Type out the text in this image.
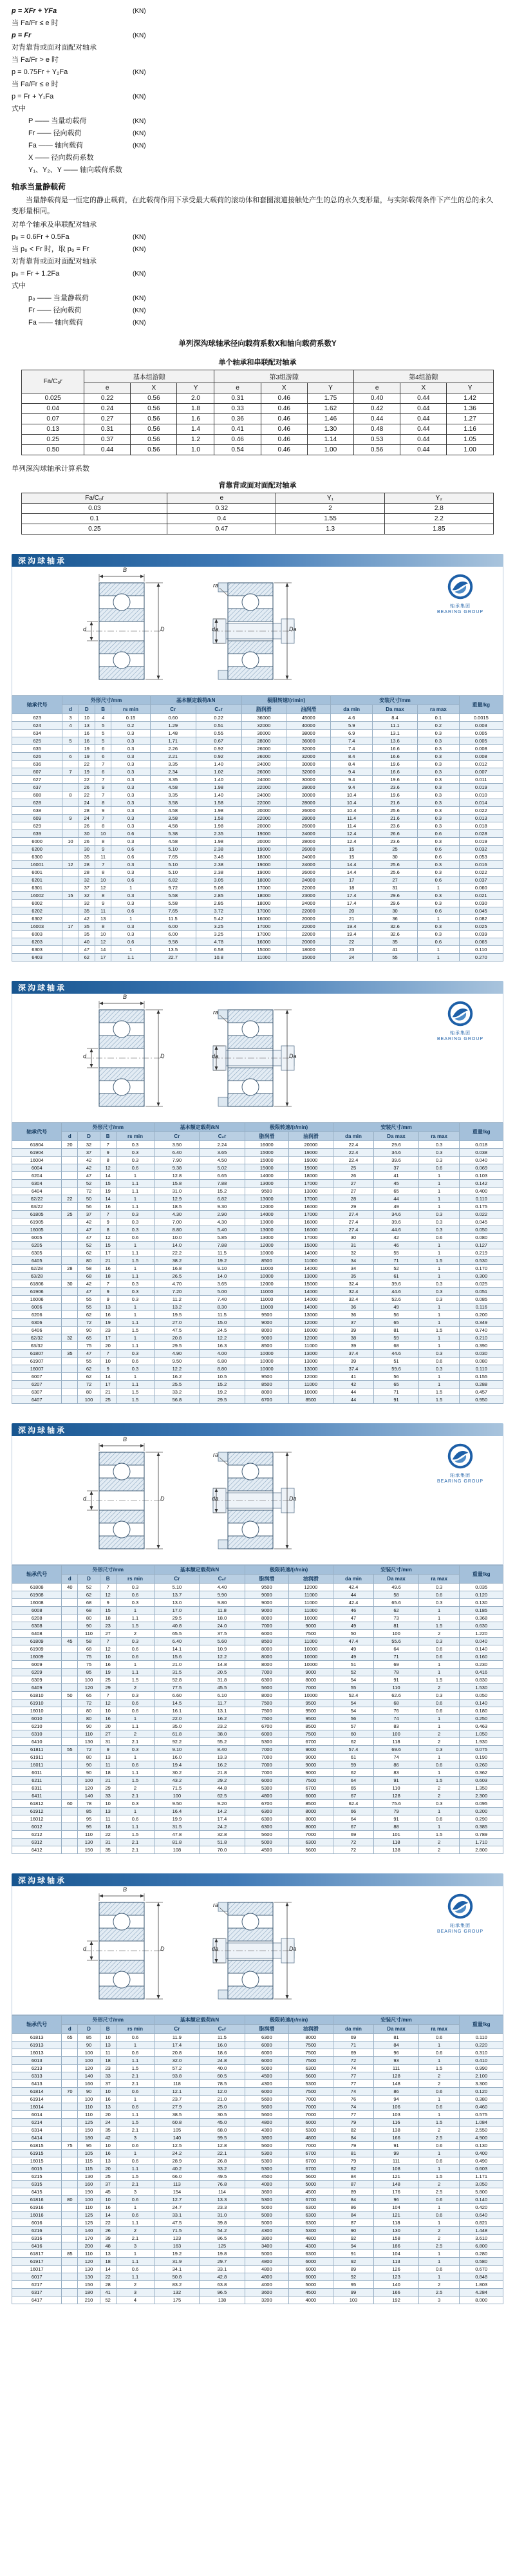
p = XFr + YFa	(KN)
当 Fa/Fr ≤ e 时
p = Fr	(KN)
对背靠背或面对面配对轴承
当 Fa/Fr > e 时
p = 0.75Fr + Y₂Fa	(KN)
当 Fa/Fr ≤ e 时
p = Fr + Y₁Fa	(KN)
式中
P —— 当量动载荷	(KN)
Fr —— 径向载荷	(KN)
Fa —— 轴向载荷	(KN)
X —— 径向载荷系数
Y₁、Y₂、Y —— 轴向载荷系数
轴承当量静载荷
当量静载荷是一恒定的静止载荷，在此载荷作用下承受最大载荷的滚动体和套圈滚道接触处产生的总的永久变形量，与实际载荷条件下产生的总的永久变形量相同。
对单个轴承及串联配对轴承
p₀ = 0.6Fr + 0.5Fa	(KN)
当 p₀ < Fr 时，取 p₀ = Fr	(KN)
对背靠背或面对面配对轴承
p₀ = Fr + 1.2Fa	(KN)
式中
p₀ —— 当量静载荷	(KN)
Fr —— 径向载荷	(KN)
Fa —— 轴向载荷	(KN)
单列深沟球轴承径向载荷系数X和轴向载荷系数Y
单个轴承和串联配对轴承
Fa/C₀r	基本组游隙			第3组游隙			第4组游隙		
	e	X	Y	e	X	Y	e	X	Y
0.025	0.22	0.56	2.0	0.31	0.46	1.75	0.40	0.44	1.42
0.04	0.24	0.56	1.8	0.33	0.46	1.62	0.42	0.44	1.36
0.07	0.27	0.56	1.6	0.36	0.46	1.46	0.44	0.44	1.27
0.13	0.31	0.56	1.4	0.41	0.46	1.30	0.48	0.44	1.16
0.25	0.37	0.56	1.2	0.46	0.46	1.14	0.53	0.44	1.05
0.50	0.44	0.56	1.0	0.54	0.46	1.00	0.56	0.44	1.00
单列深沟球轴承计算系数
背靠背或面对面配对轴承
Fa/C₀r	e	Y₁	Y₂
0.03	0.32	2	2.8
0.1	0.4	1.55	2.2
0.25	0.47	1.3	1.85
深沟球轴承
B
D
d	da	Da
ra
轴承集团
BEARING GROUP
轴承代号	外形尺寸/mm				基本额定载荷/kN		极限转速/(r/min)		安装尺寸/mm			重量/kg
	d	D	B	rs min	Cr	C₀r	脂润滑	油润滑	da min	Da max	ra max	
623	3	10	4	0.15	0.60	0.22	36000	45000	4.6	8.4	0.1	0.0015
624	4	13	5	0.2	1.29	0.51	32000	40000	5.9	11.1	0.2	0.003
634		16	5	0.3	1.48	0.55	30000	38000	6.9	13.1	0.3	0.005
625	5	16	5	0.3	1.71	0.67	28000	36000	7.4	13.6	0.3	0.005
635		19	6	0.3	2.26	0.92	26000	32000	7.4	16.6	0.3	0.008
626	6	19	6	0.3	2.21	0.92	26000	32000	8.4	16.6	0.3	0.008
636		22	7	0.3	3.35	1.40	24000	30000	8.4	19.6	0.3	0.012
607	7	19	6	0.3	2.34	1.02	26000	32000	9.4	16.6	0.3	0.007
627		22	7	0.3	3.35	1.40	24000	30000	9.4	19.6	0.3	0.011
637		26	9	0.3	4.58	1.98	22000	28000	9.4	23.6	0.3	0.019
608	8	22	7	0.3	3.35	1.40	24000	30000	10.4	19.6	0.3	0.010
628		24	8	0.3	3.58	1.58	22000	28000	10.4	21.6	0.3	0.014
638		28	9	0.3	4.58	1.98	20000	26000	10.4	25.6	0.3	0.022
609	9	24	7	0.3	3.58	1.58	22000	28000	11.4	21.6	0.3	0.013
629		26	8	0.3	4.58	1.98	20000	26000	11.4	23.6	0.3	0.018
639		30	10	0.6	5.38	2.35	19000	24000	12.4	26.6	0.6	0.028
6000	10	26	8	0.3	4.58	1.98	20000	28000	12.4	23.6	0.3	0.019
6200		30	9	0.6	5.10	2.38	19000	26000	15	25	0.6	0.032
6300		35	11	0.6	7.65	3.48	18000	24000	15	30	0.6	0.053
16001	12	28	7	0.3	5.10	2.38	19000	24000	14.4	25.6	0.3	0.016
6001		28	8	0.3	5.10	2.38	19000	26000	14.4	25.6	0.3	0.022
6201		32	10	0.6	6.82	3.05	18000	24000	17	27	0.6	0.037
6301		37	12	1	9.72	5.08	17000	22000	18	31	1	0.060
16002	15	32	8	0.3	5.58	2.85	18000	23000	17.4	29.6	0.3	0.021
6002		32	9	0.3	5.58	2.85	18000	24000	17.4	29.6	0.3	0.030
6202		35	11	0.6	7.65	3.72	17000	22000	20	30	0.6	0.045
6302		42	13	1	11.5	5.42	16000	20000	21	36	1	0.082
16003	17	35	8	0.3	6.00	3.25	17000	22000	19.4	32.6	0.3	0.025
6003		35	10	0.3	6.00	3.25	17000	22000	19.4	32.6	0.3	0.039
6203		40	12	0.6	9.58	4.78	16000	20000	22	35	0.6	0.065
6303		47	14	1	13.5	6.58	15000	18000	23	41	1	0.110
6403		62	17	1.1	22.7	10.8	11000	15000	24	55	1	0.270
深沟球轴承
B
D
d	da	Da
ra
轴承集团
BEARING GROUP
轴承代号	外形尺寸/mm				基本额定载荷/kN		极限转速/(r/min)		安装尺寸/mm			重量/kg
	d	D	B	rs min	Cr	C₀r	脂润滑	油润滑	da min	Da max	ra max	
61804	20	32	7	0.3	3.50	2.24	16000	20000	22.4	29.6	0.3	0.018
61904		37	9	0.3	6.40	3.65	15000	19000	22.4	34.6	0.3	0.038
16004		42	8	0.3	7.90	4.50	15000	19000	22.4	39.6	0.3	0.040
6004		42	12	0.6	9.38	5.02	15000	19000	25	37	0.6	0.069
6204		47	14	1	12.8	6.65	14000	18000	26	41	1	0.103
6304		52	15	1.1	15.8	7.88	13000	17000	27	45	1	0.142
6404		72	19	1.1	31.0	15.2	9500	13000	27	65	1	0.400
62/22	22	50	14	1	12.9	6.82	13000	17000	28	44	1	0.110
63/22		56	16	1.1	18.5	9.30	12000	16000	29	49	1	0.175
61805	25	37	7	0.3	4.30	2.90	14000	17000	27.4	34.6	0.3	0.022
61905		42	9	0.3	7.00	4.30	13000	16000	27.4	39.6	0.3	0.045
16005		47	8	0.3	8.80	5.40	13000	16000	27.4	44.6	0.3	0.050
6005		47	12	0.6	10.0	5.85	13000	17000	30	42	0.6	0.080
6205		52	15	1	14.0	7.88	12000	15000	31	46	1	0.127
6305		62	17	1.1	22.2	11.5	10000	14000	32	55	1	0.219
6405		80	21	1.5	38.2	19.2	8500	11000	34	71	1.5	0.530
62/28	28	58	16	1	16.8	9.10	11000	14000	34	52	1	0.170
63/28		68	18	1.1	26.5	14.0	10000	13000	35	61	1	0.300
61806	30	42	7	0.3	4.70	3.65	12000	15000	32.4	39.6	0.3	0.025
61906		47	9	0.3	7.20	5.00	11000	14000	32.4	44.6	0.3	0.051
16006		55	9	0.3	11.2	7.40	11000	14000	32.4	52.6	0.3	0.085
6006		55	13	1	13.2	8.30	11000	14000	36	49	1	0.116
6206		62	16	1	19.5	11.5	9500	13000	36	56	1	0.200
6306		72	19	1.1	27.0	15.0	9000	12000	37	65	1	0.349
6406		90	23	1.5	47.5	24.5	8000	10000	39	81	1.5	0.740
62/32	32	65	17	1	20.8	12.2	9000	12000	38	59	1	0.210
63/32		75	20	1.1	29.5	16.3	8500	11000	39	68	1	0.390
61807	35	47	7	0.3	4.90	4.00	10000	13000	37.4	44.6	0.3	0.030
61907		55	10	0.6	9.50	6.80	10000	13000	39	51	0.6	0.080
16007		62	9	0.3	12.2	8.80	10000	13000	37.4	59.6	0.3	0.110
6007		62	14	1	16.2	10.5	9500	12000	41	56	1	0.155
6207		72	17	1.1	25.5	15.2	8500	11000	42	65	1	0.288
6307		80	21	1.5	33.2	19.2	8000	10000	44	71	1.5	0.457
6407		100	25	1.5	56.8	29.5	6700	8500	44	91	1.5	0.950
深沟球轴承
B
D
d	da	Da
ra
轴承集团
BEARING GROUP
轴承代号	外形尺寸/mm				基本额定载荷/kN		极限转速/(r/min)		安装尺寸/mm			重量/kg
	d	D	B	rs min	Cr	C₀r	脂润滑	油润滑	da min	Da max	ra max	
61808	40	52	7	0.3	5.10	4.40	9500	12000	42.4	49.6	0.3	0.035
61908		62	12	0.6	13.7	9.90	9000	11000	44	58	0.6	0.120
16008		68	9	0.3	13.0	9.80	9000	11000	42.4	65.6	0.3	0.130
6008		68	15	1	17.0	11.8	9000	11000	46	62	1	0.185
6208		80	18	1.1	29.5	18.0	8000	10000	47	73	1	0.368
6308		90	23	1.5	40.8	24.0	7000	9000	49	81	1.5	0.630
6408		110	27	2	65.5	37.5	6000	7500	50	100	2	1.220
61809	45	58	7	0.3	6.40	5.60	8500	11000	47.4	55.6	0.3	0.040
61909		68	12	0.6	14.1	10.9	8000	10000	49	64	0.6	0.140
16009		75	10	0.6	15.6	12.2	8000	10000	49	71	0.6	0.160
6009		75	16	1	21.0	14.8	8000	10000	51	69	1	0.230
6209		85	19	1.1	31.5	20.5	7000	9000	52	78	1	0.416
6309		100	25	1.5	52.8	31.8	6300	8000	54	91	1.5	0.830
6409		120	29	2	77.5	45.5	5600	7000	55	110	2	1.530
61810	50	65	7	0.3	6.60	6.10	8000	10000	52.4	62.6	0.3	0.050
61910		72	12	0.6	14.5	11.7	7500	9500	54	68	0.6	0.140
16010		80	10	0.6	16.1	13.1	7500	9500	54	76	0.6	0.180
6010		80	16	1	22.0	16.2	7500	9500	56	74	1	0.250
6210		90	20	1.1	35.0	23.2	6700	8500	57	83	1	0.463
6310		110	27	2	61.8	38.0	6000	7500	60	100	2	1.050
6410		130	31	2.1	92.2	55.2	5300	6700	62	118	2	1.930
61811	55	72	9	0.3	9.10	8.40	7000	9000	57.4	69.6	0.3	0.075
61911		80	13	1	16.0	13.3	7000	9000	61	74	1	0.190
16011		90	11	0.6	19.4	16.2	7000	9000	59	86	0.6	0.260
6011		90	18	1.1	30.2	21.8	7000	9000	62	83	1	0.362
6211		100	21	1.5	43.2	29.2	6000	7500	64	91	1.5	0.603
6311		120	29	2	71.5	44.8	5300	6700	65	110	2	1.350
6411		140	33	2.1	100	62.5	4800	6000	67	128	2	2.300
61812	60	78	10	0.3	9.50	9.20	6700	8500	62.4	75.6	0.3	0.095
61912		85	13	1	16.4	14.2	6300	8000	66	79	1	0.200
16012		95	11	0.6	19.9	17.4	6300	8000	64	91	0.6	0.290
6012		95	18	1.1	31.5	24.2	6300	8000	67	88	1	0.385
6212		110	22	1.5	47.8	32.8	5600	7000	69	101	1.5	0.789
6312		130	31	2.1	81.8	51.8	5000	6300	72	118	2	1.710
6412		150	35	2.1	108	70.0	4500	5600	72	138	2	2.800
深沟球轴承
B
D
d	da	Da
ra
轴承集团
BEARING GROUP
轴承代号	外形尺寸/mm				基本额定载荷/kN		极限转速/(r/min)		安装尺寸/mm			重量/kg
	d	D	B	rs min	Cr	C₀r	脂润滑	油润滑	da min	Da max	ra max	
61813	65	85	10	0.6	11.9	11.5	6300	8000	69	81	0.6	0.110
61913		90	13	1	17.4	16.0	6000	7500	71	84	1	0.220
16013		100	11	0.6	20.8	18.6	6000	7500	69	96	0.6	0.310
6013		100	18	1.1	32.0	24.8	6000	7500	72	93	1	0.410
6213		120	23	1.5	57.2	40.0	5000	6300	74	111	1.5	0.990
6313		140	33	2.1	93.8	60.5	4500	5600	77	128	2	2.100
6413		160	37	2.1	118	78.5	4300	5300	77	148	2	3.300
61814	70	90	10	0.6	12.1	12.0	6000	7500	74	86	0.6	0.120
61914		100	16	1	23.7	21.0	5600	7000	76	94	1	0.380
16014		110	13	0.6	27.9	25.0	5600	7000	74	106	0.6	0.460
6014		110	20	1.1	38.5	30.5	5600	7000	77	103	1	0.575
6214		125	24	1.5	60.8	45.0	4800	6000	79	116	1.5	1.084
6314		150	35	2.1	105	68.0	4300	5300	82	138	2	2.550
6414		180	42	3	140	99.5	3800	4800	84	166	2.5	4.900
61815	75	95	10	0.6	12.5	12.8	5600	7000	79	91	0.6	0.130
61915		105	16	1	24.2	22.1	5300	6700	81	99	1	0.400
16015		115	13	0.6	28.9	26.8	5300	6700	79	111	0.6	0.490
6015		115	20	1.1	40.2	33.2	5300	6700	82	108	1	0.603
6215		130	25	1.5	66.0	49.5	4500	5600	84	121	1.5	1.171
6315		160	37	2.1	113	76.8	4000	5000	87	148	2	3.050
6415		190	45	3	154	114	3600	4500	89	176	2.5	5.800
61816	80	100	10	0.6	12.7	13.3	5300	6700	84	96	0.6	0.140
61916		110	16	1	24.7	23.3	5000	6300	86	104	1	0.420
16016		125	14	0.6	33.1	31.0	5000	6300	84	121	0.6	0.640
6016		125	22	1.1	47.5	39.8	5000	6300	87	118	1	0.821
6216		140	26	2	71.5	54.2	4300	5300	90	130	2	1.448
6316		170	39	2.1	123	86.5	3800	4800	92	158	2	3.610
6416		200	48	3	163	125	3400	4300	94	186	2.5	6.800
61817	85	110	13	1	19.2	19.8	5000	6300	91	104	1	0.280
61917		120	18	1.1	31.9	29.7	4800	6000	92	113	1	0.580
16017		130	14	0.6	34.1	33.1	4800	6000	89	126	0.6	0.670
6017		130	22	1.1	50.8	42.8	4800	6000	92	123	1	0.848
6217		150	28	2	83.2	63.8	4000	5000	95	140	2	1.803
6317		180	41	3	132	96.5	3600	4500	99	166	2.5	4.284
6417		210	52	4	175	138	3200	4000	103	192	3	8.000
